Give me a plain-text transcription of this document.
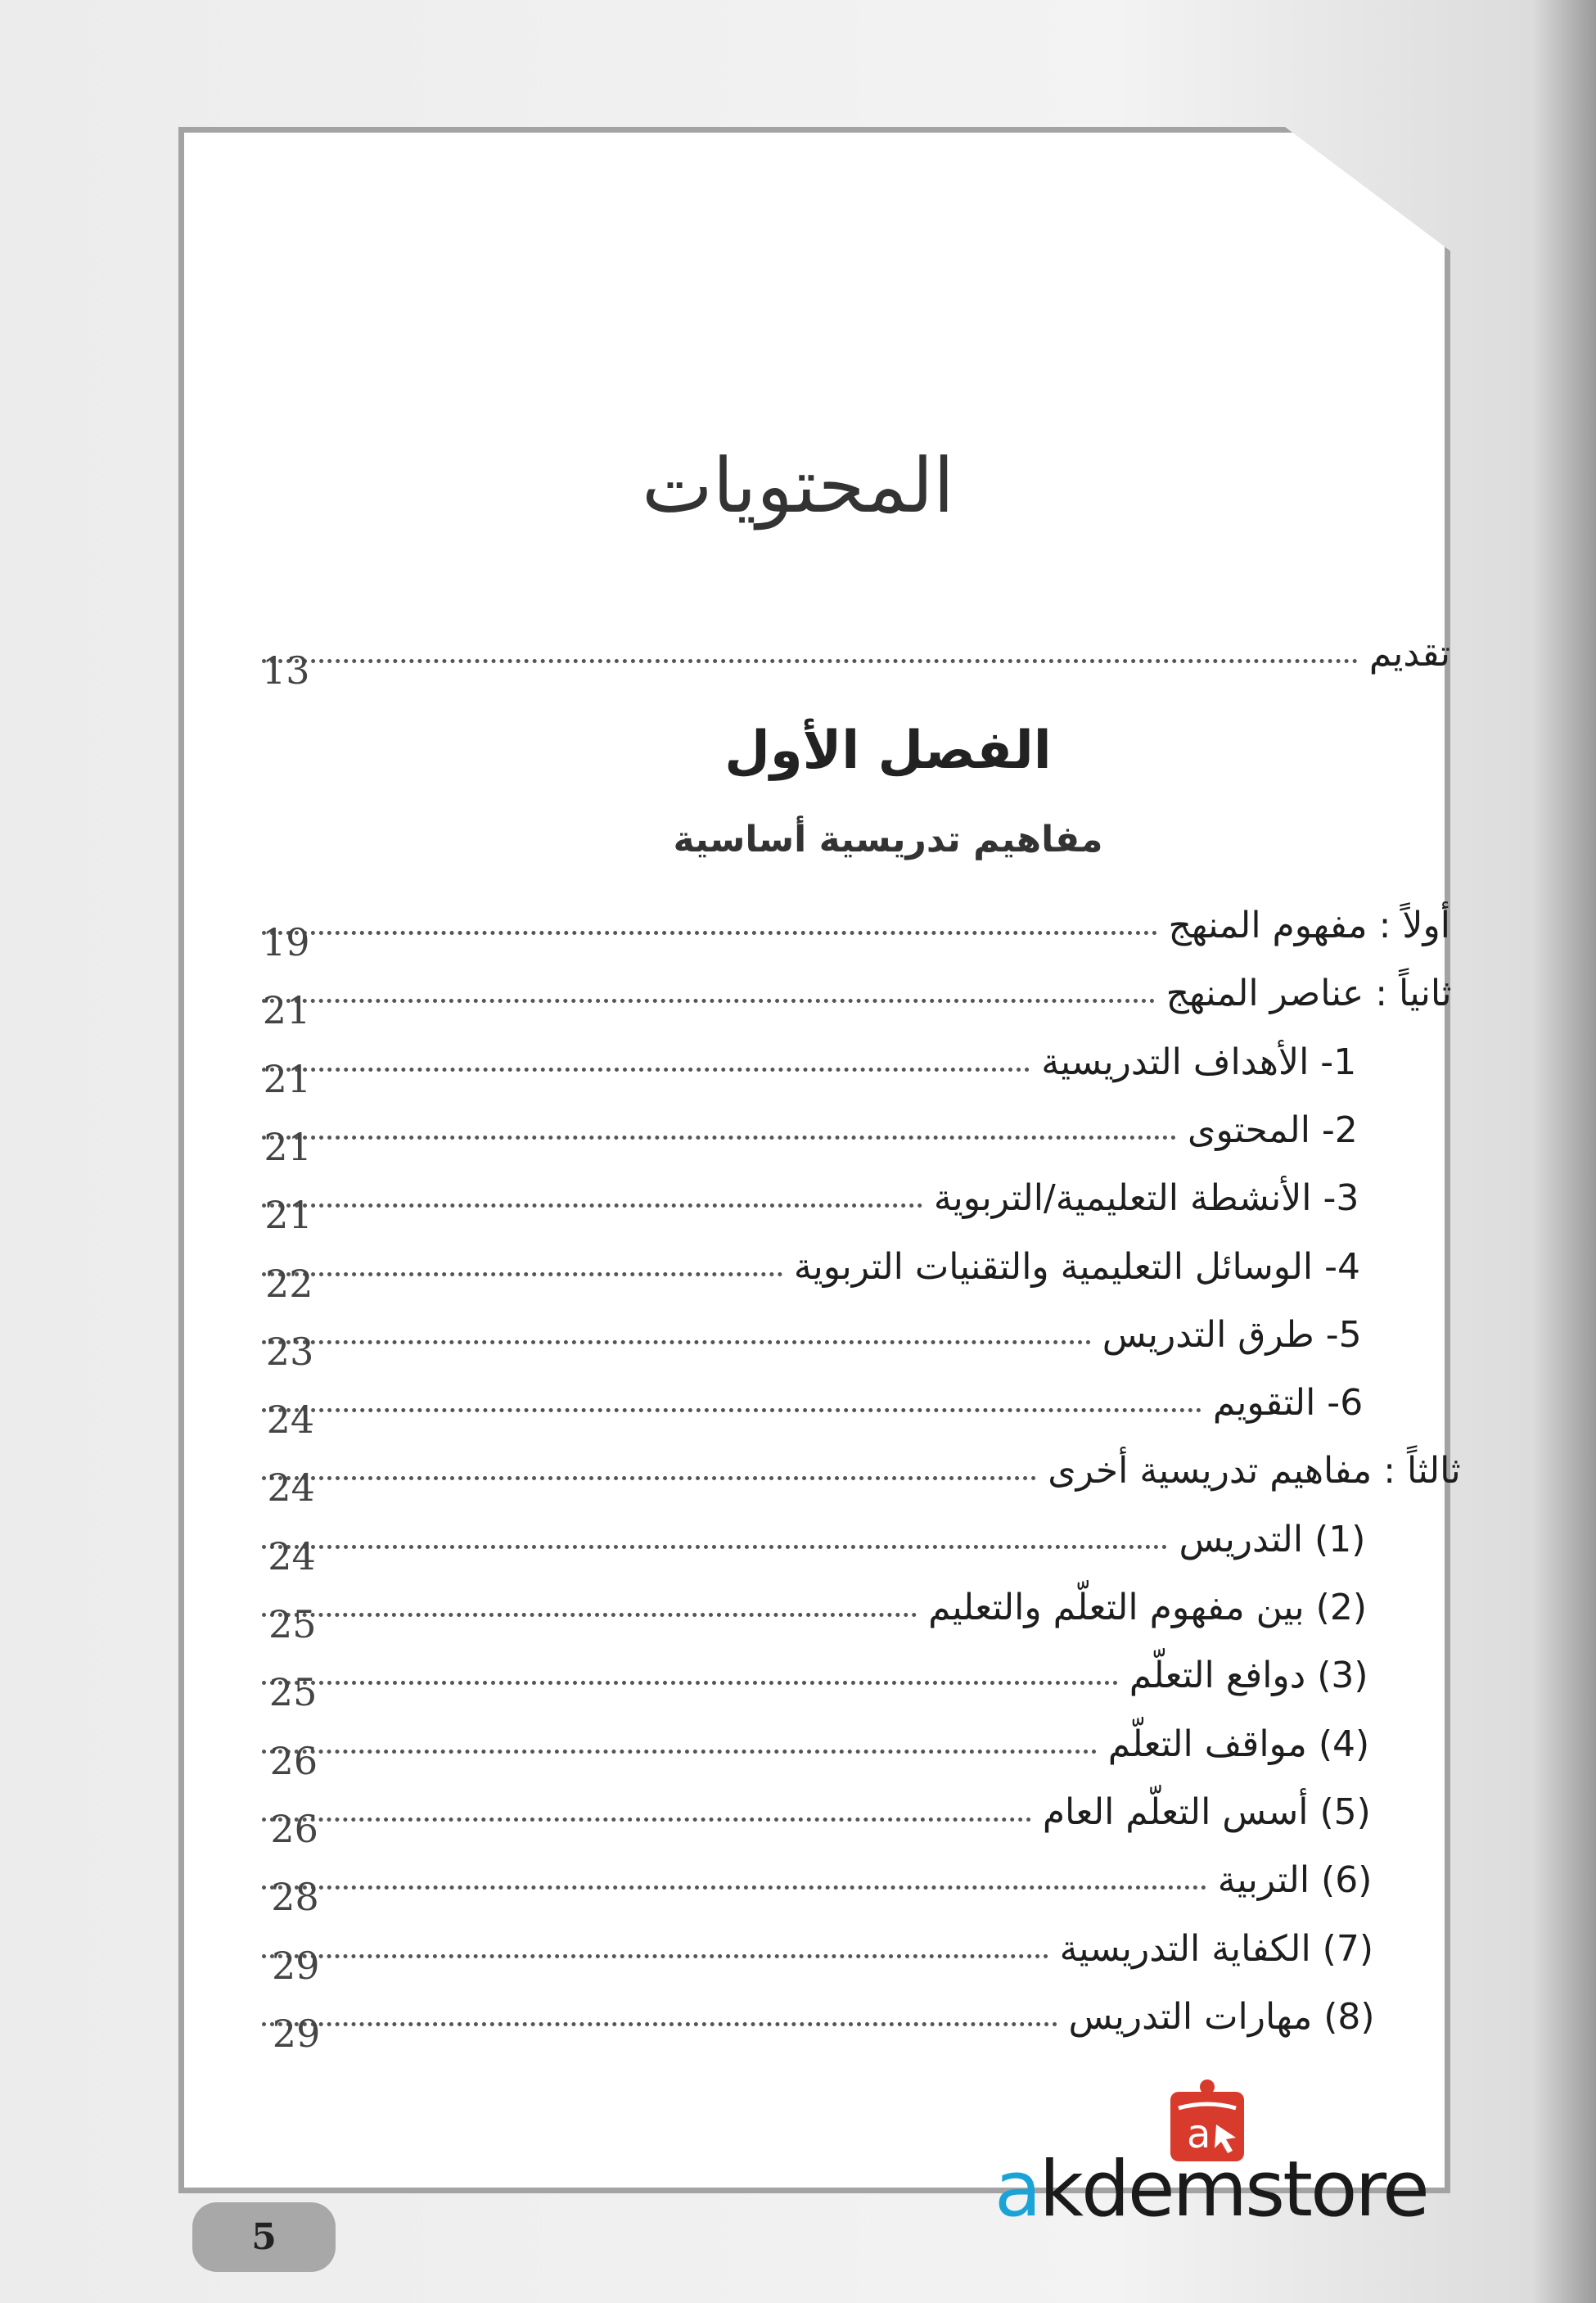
المحتويات
تقديم
13
الفصل الأول
مفاهيم تدريسية أساسية
أولاً : مفهوم المنهج
19
ثانياً : عناصر المنهج
21
1- الأهداف التدريسية
21
2- المحتوى
21
3- الأنشطة التعليمية/التربوية
21
4- الوسائل التعليمية والتقنيات التربوية
22
5- طرق التدريس
23
6- التقويم
24
ثالثاً : مفاهيم تدريسية أخرى
24
(1) التدريس
24
(2) بين مفهوم التعلّم والتعليم
25
(3) دوافع التعلّم
25
(4) مواقف التعلّم
26
(5) أسس التعلّم العام
26
(6) التربية
28
(7) الكفاية التدريسية
29
(8) مهارات التدريس
29
5
a
akdemstore
